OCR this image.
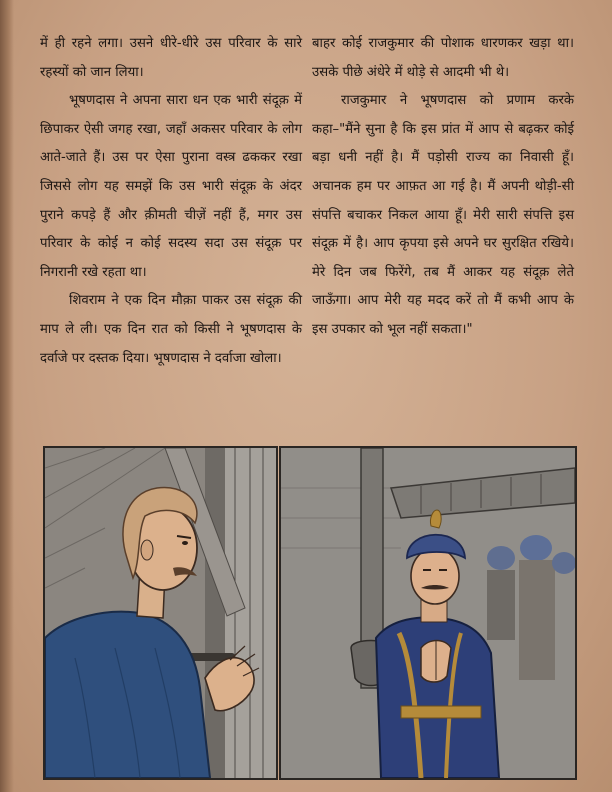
में ही रहने लगा। उसने धीरे-धीरे उस परिवार के सारे रहस्यों को जान लिया।

भूषणदास ने अपना सारा धन एक भारी संदूक़ में छिपाकर ऐसी जगह रखा, जहाँ अकसर परिवार के लोग आते-जाते हैं। उस पर ऐसा पुराना वस्त्र ढककर रखा जिससे लोग यह समझें कि उस भारी संदूक़ के अंदर पुराने कपड़े हैं और क़ीमती चीज़ें नहीं हैं, मगर उस परिवार के कोई न कोई सदस्य सदा उस संदूक़ पर निगरानी रखे रहता था।

शिवराम ने एक दिन मौक़ा पाकर उस संदूक़ की माप ले ली। एक दिन रात को किसी ने भूषणदास के दर्वाजे पर दस्तक दिया। भूषणदास ने दर्वाजा खोला।

बाहर कोई राजकुमार की पोशाक धारणकर खड़ा था। उसके पीछे अंधेरे में थोड़े से आदमी भी थे।

राजकुमार ने भूषणदास को प्रणाम करके कहा–"मैंने सुना है कि इस प्रांत में आप से बढ़कर कोई बड़ा धनी नहीं है। मैं पड़ोसी राज्य का निवासी हूँ। अचानक हम पर आफ़त आ गई है। मैं अपनी थोड़ी-सी संपत्ति बचाकर निकल आया हूँ। मेरी सारी संपत्ति इस संदूक़ में है। आप कृपया इसे अपने घर सुरक्षित रखिये। मेरे दिन जब फिरेंगे, तब मैं आकर यह संदूक़ लेते जाऊँगा। आप मेरी यह मदद करें तो मैं कभी आप के इस उपकार को भूल नहीं सकता।"
